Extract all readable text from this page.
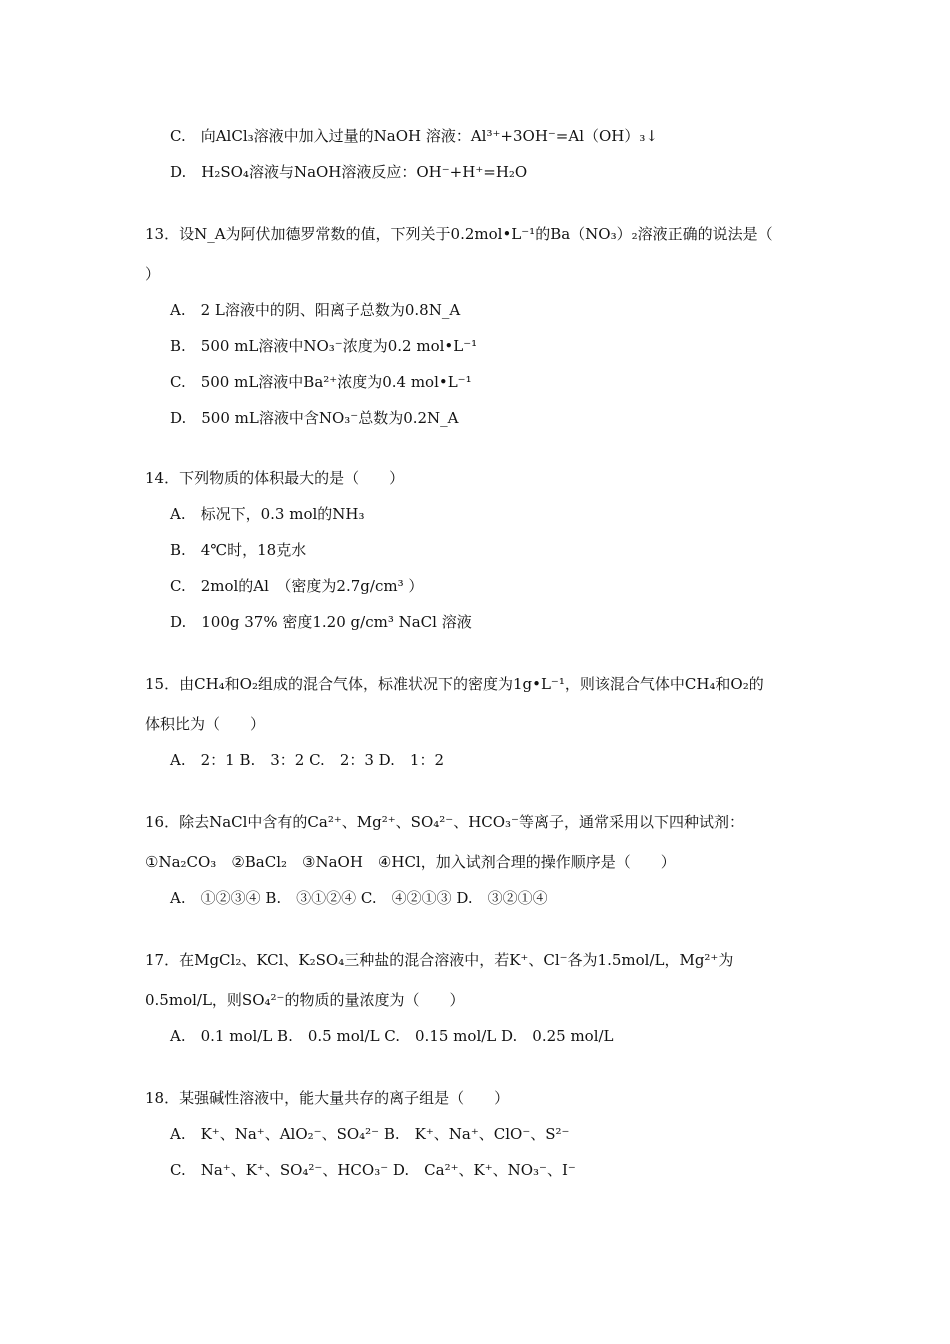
C.　向AlCl₃溶液中加入过量的NaOH 溶液：Al³⁺+3OH⁻=Al（OH）₃↓
D.　H₂SO₄溶液与NaOH溶液反应：OH⁻+H⁺=H₂O
13．设N_A为阿伏加德罗常数的值，下列关于0.2mol•L⁻¹的Ba（NO₃）₂溶液正确的说法是（
）
A.　2 L溶液中的阴、阳离子总数为0.8N_A
B.　500 mL溶液中NO₃⁻浓度为0.2 mol•L⁻¹
C.　500 mL溶液中Ba²⁺浓度为0.4 mol•L⁻¹
D.　500 mL溶液中含NO₃⁻总数为0.2N_A
14．下列物质的体积最大的是（　　）
A.　标况下，0.3 mol的NH₃
B.　4℃时，18克水
C.　2mol的Al　（密度为2.7g/cm³ ）
D.　100g 37% 密度1.20 g/cm³ NaCl 溶液
15．由CH₄和O₂组成的混合气体，标准状况下的密度为1g•L⁻¹，则该混合气体中CH₄和O₂的
体积比为（　　）
A.　2：1 B.　3：2 C.　2：3 D.　1：2
16．除去NaCl中含有的Ca²⁺、Mg²⁺、SO₄²⁻、HCO₃⁻等离子，通常采用以下四种试剂：
①Na₂CO₃　②BaCl₂　③NaOH　④HCl，加入试剂合理的操作顺序是（　　）
A.　①②③④ B.　③①②④ C.　④②①③ D.　③②①④
17．在MgCl₂、KCl、K₂SO₄三种盐的混合溶液中，若K⁺、Cl⁻各为1.5mol/L，Mg²⁺为
0.5mol/L，则SO₄²⁻的物质的量浓度为（　　）
A.　0.1 mol/L B.　0.5 mol/L C.　0.15 mol/L D.　0.25 mol/L
18．某强碱性溶液中，能大量共存的离子组是（　　）
A.　K⁺、Na⁺、AlO₂⁻、SO₄²⁻ B.　K⁺、Na⁺、ClO⁻、S²⁻
C.　Na⁺、K⁺、SO₄²⁻、HCO₃⁻ D.　Ca²⁺、K⁺、NO₃⁻、I⁻
